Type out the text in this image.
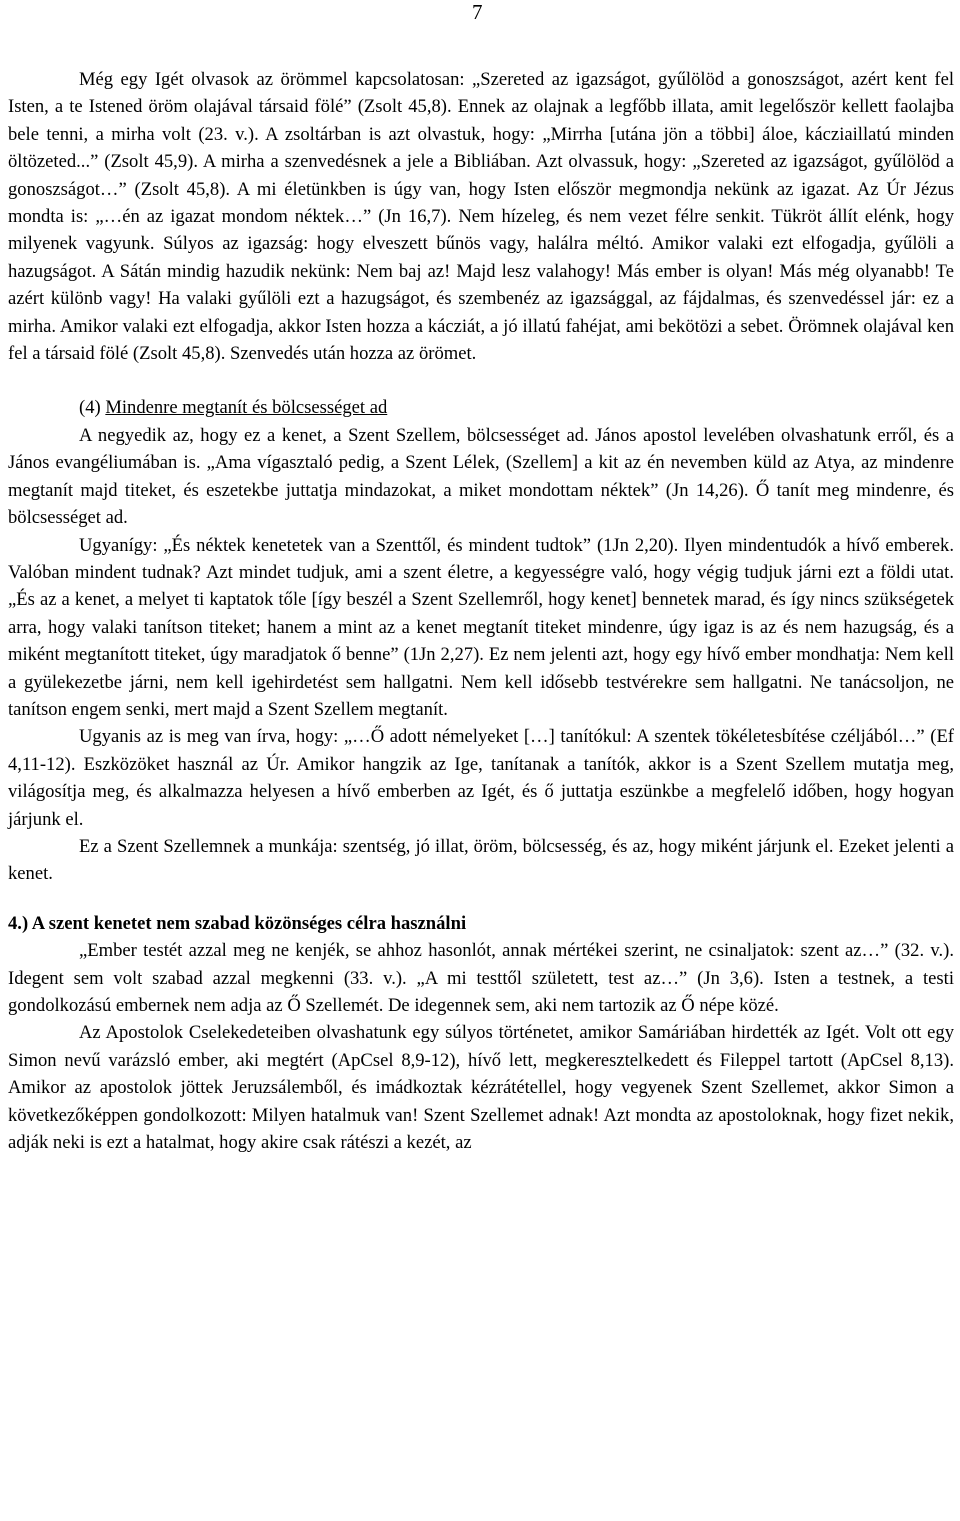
7

Még egy Igét olvasok az örömmel kapcsolatosan: „Szereted az igazságot, gyűlölöd a gonoszságot, azért kent fel Isten, a te Istened öröm olajával társaid fölé” (Zsolt 45,8). Ennek az olajnak a legfőbb illata, amit legelőször kellett faolajba bele tenni, a mirha volt (23. v.). A zsoltárban is azt olvastuk, hogy: „Mirrha [utána jön a többi] áloe, kácziaillatú minden öltözeted...” (Zsolt 45,9). A mirha a szenvedésnek a jele a Bibliában. Azt olvassuk, hogy: „Szereted az igazságot, gyűlölöd a gonoszságot…” (Zsolt 45,8). A mi életünkben is úgy van, hogy Isten először megmondja nekünk az igazat. Az Úr Jézus mondta is: „…én az igazat mondom néktek…” (Jn 16,7). Nem hízeleg, és nem vezet félre senkit. Tükröt állít elénk, hogy milyenek vagyunk. Súlyos az igazság: hogy elveszett bűnös vagy, halálra méltó. Amikor valaki ezt elfogadja, gyűlöli a hazugságot. A Sátán mindig hazudik nekünk: Nem baj az! Majd lesz valahogy! Más ember is olyan! Más még olyanabb! Te azért különb vagy! Ha valaki gyűlöli ezt a hazugságot, és szembenéz az igazsággal, az fájdalmas, és szenvedéssel jár: ez a mirha. Amikor valaki ezt elfogadja, akkor Isten hozza a kácziát, a jó illatú fahéjat, ami bekötözi a sebet. Örömnek olajával ken fel a társaid fölé (Zsolt 45,8). Szenvedés után hozza az örömet.

(4) Mindenre megtanít és bölcsességet ad

A negyedik az, hogy ez a kenet, a Szent Szellem, bölcsességet ad. János apostol levelében olvashatunk erről, és a János evangéliumában is. „Ama vígasztaló pedig, a Szent Lélek, (Szellem] a kit az én nevemben küld az Atya, az mindenre megtanít majd titeket, és eszetekbe juttatja mindazokat, a miket mondottam néktek” (Jn 14,26). Ő tanít meg mindenre, és bölcsességet ad.

Ugyanígy: „És néktek kenetetek van a Szenttől, és mindent tudtok” (1Jn 2,20). Ilyen mindentudók a hívő emberek. Valóban mindent tudnak? Azt mindet tudjuk, ami a szent életre, a kegyességre való, hogy végig tudjuk járni ezt a földi utat. „És az a kenet, a melyet ti kaptatok tőle [így beszél a Szent Szellemről, hogy kenet] bennetek marad, és így nincs szükségetek arra, hogy valaki tanítson titeket; hanem a mint az a kenet megtanít titeket mindenre, úgy igaz is az és nem hazugság, és a miként megtanított titeket, úgy maradjatok ő benne” (1Jn 2,27). Ez nem jelenti azt, hogy egy hívő ember mondhatja: Nem kell a gyülekezetbe járni, nem kell igehirdetést sem hallgatni. Nem kell idősebb testvérekre sem hallgatni. Ne tanácsoljon, ne tanítson engem senki, mert majd a Szent Szellem megtanít.

Ugyanis az is meg van írva, hogy: „…Ő adott némelyeket […] tanítókul: A szentek tökéletesbítése czéljából…” (Ef 4,11-12). Eszközöket használ az Úr. Amikor hangzik az Ige, tanítanak a tanítók, akkor is a Szent Szellem mutatja meg, világosítja meg, és alkalmazza helyesen a hívő emberben az Igét, és ő juttatja eszünkbe a megfelelő időben, hogy hogyan járjunk el.

Ez a Szent Szellemnek a munkája: szentség, jó illat, öröm, bölcsesség, és az, hogy miként járjunk el. Ezeket jelenti a kenet.

4.) A szent kenetet nem szabad közönséges célra használni

„Ember testét azzal meg ne kenjék, se ahhoz hasonlót, annak mértékei szerint, ne csinaljatok: szent az…” (32. v.). Idegent sem volt szabad azzal megkenni (33. v.). „A mi testtől született, test az…” (Jn 3,6). Isten a testnek, a testi gondolkozású embernek nem adja az Ő Szellemét. De idegennek sem, aki nem tartozik az Ő népe közé.

Az Apostolok Cselekedeteiben olvashatunk egy súlyos történetet, amikor Samáriában hirdették az Igét. Volt ott egy Simon nevű varázsló ember, aki megtért (ApCsel 8,9-12), hívő lett, megkeresztelkedett és Fileppel tartott (ApCsel 8,13). Amikor az apostolok jöttek Jeruzsálemből, és imádkoztak kézrátétellel, hogy vegyenek Szent Szellemet, akkor Simon a következőképpen gondolkozott: Milyen hatalmuk van! Szent Szellemet adnak! Azt mondta az apostoloknak, hogy fizet nekik, adják neki is ezt a hatalmat, hogy akire csak rátészi a kezét, az
